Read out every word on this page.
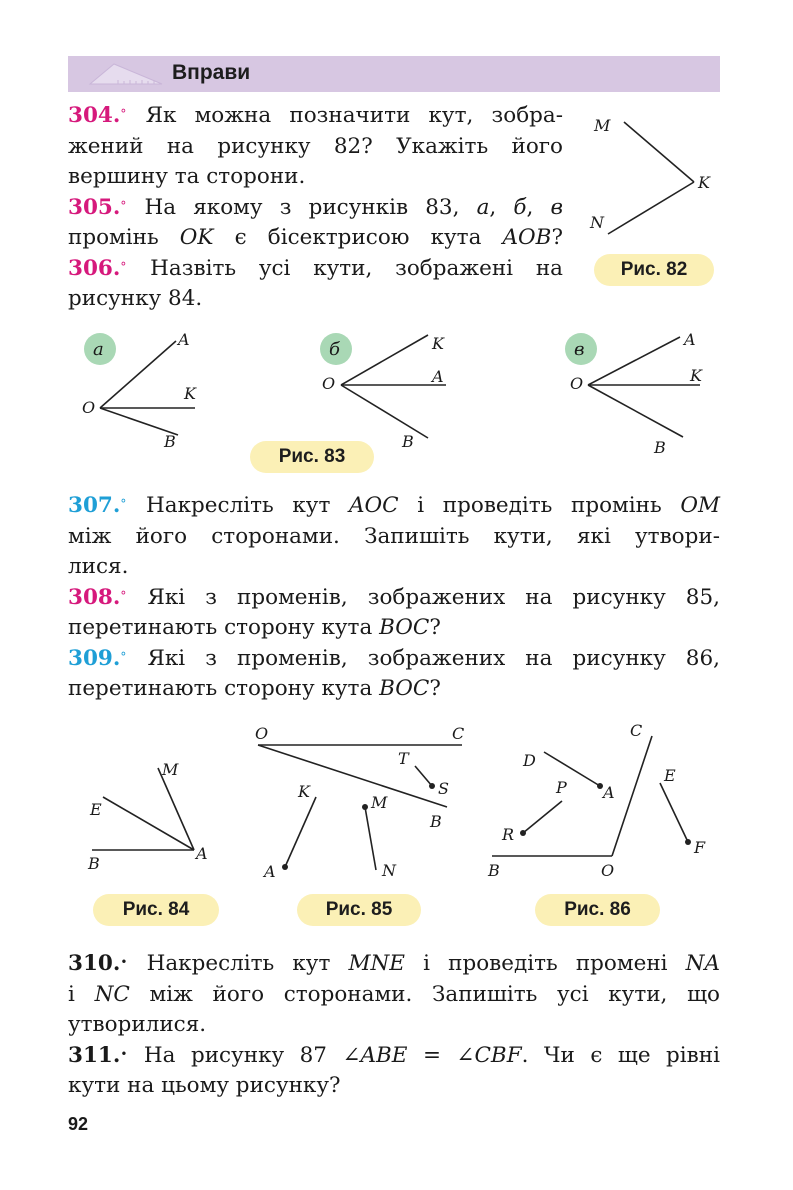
Вправи
304.° Як можна позначити кут, зобра-
жений на рисунку 82? Укажіть його
вершину та сторони.
305.° На якому з рисунків 83, а, б, в
промінь OK є бісектрисою кута AOB?
306.° Назвіть усі кути, зображені на
рисунку 84.
M
K
N
Рис. 82
а
O
A
K
B
б
O
K
A
B
в
O
A
K
B
Рис. 83
307.° Накресліть кут AOC і проведіть промінь OM
між його сторонами. Запишіть кути, які утвори-
лися.
308.° Які з променів, зображених на рисунку 85,
перетинають сторону кута BOC?
309.° Які з променів, зображених на рисунку 86,
перетинають сторону кута BOC?
M
E
B
A
O	C
T
S
K
M
B
A	N
C
D
A
P
E
R
F
B	O
Рис. 84	Рис. 85	Рис. 86
310.• Накресліть кут MNE і проведіть промені NA
і NC між його сторонами. Запишіть усі кути, що
утворилися.
311.• На рисунку 87 ∠ABE = ∠CBF. Чи є ще рівні
кути на цьому рисунку?
92
